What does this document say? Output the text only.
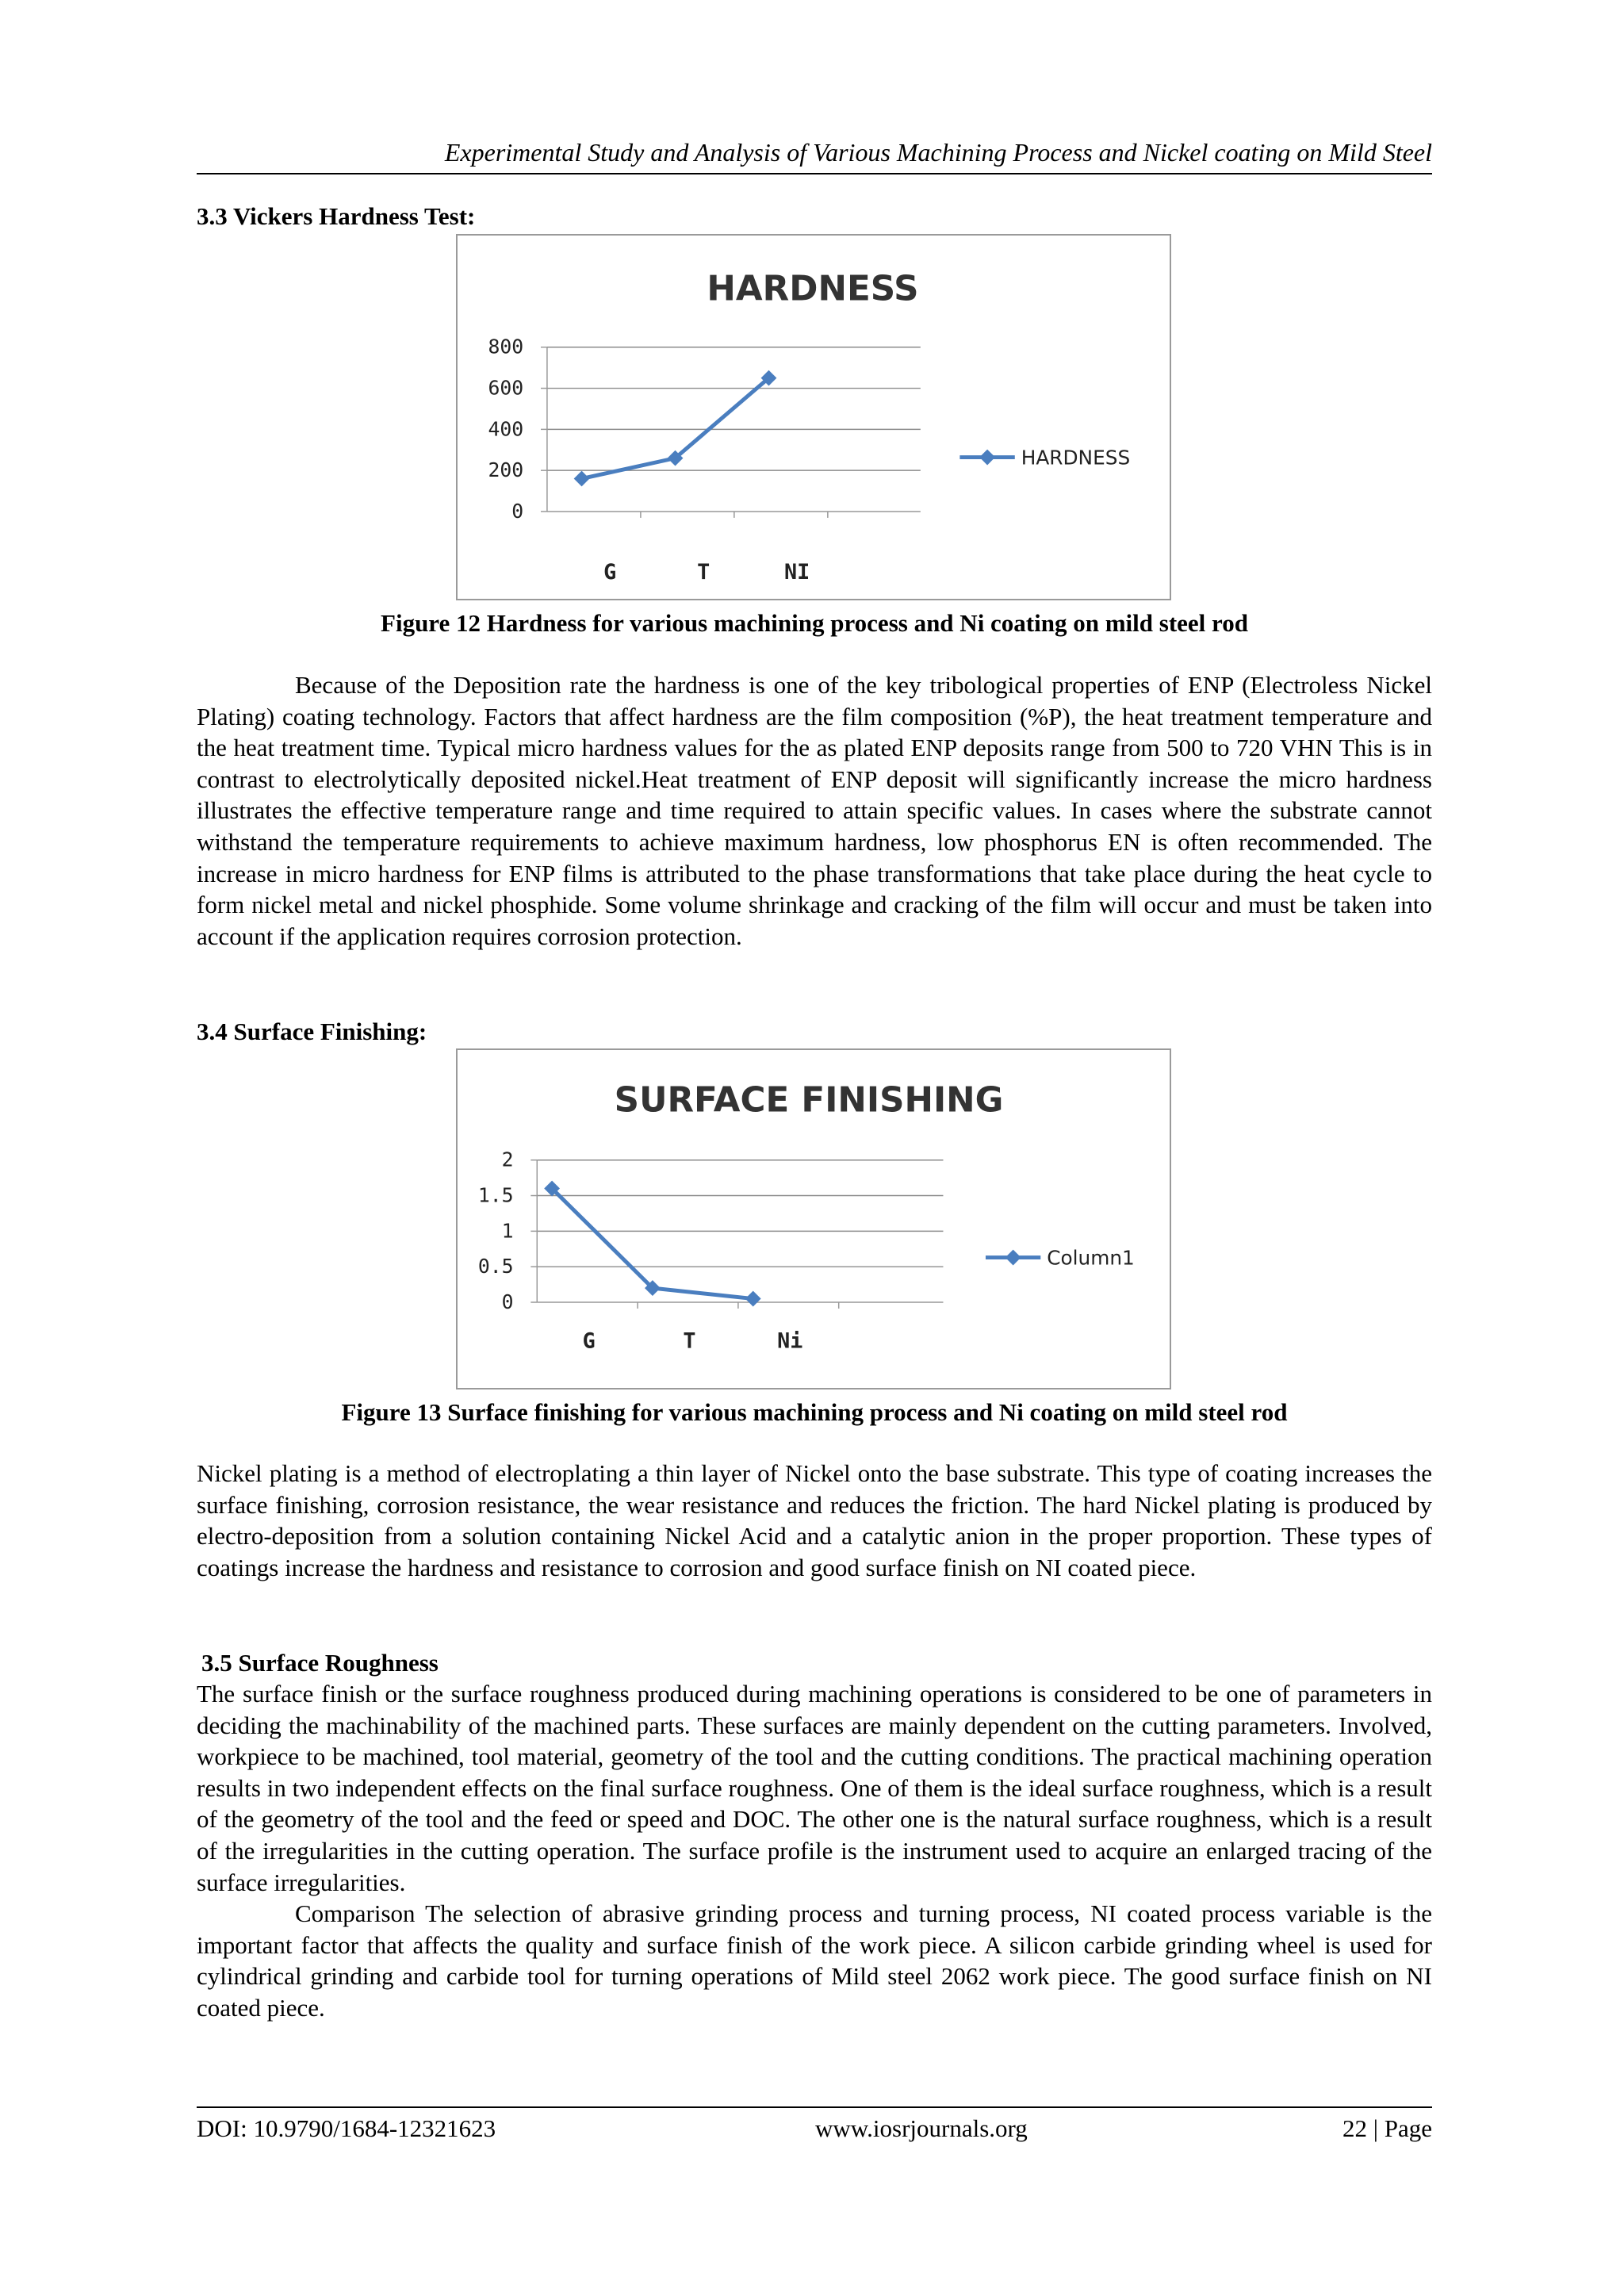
Experimental Study and Analysis of Various Machining Process and Nickel coating on Mild Steel
3.3 Vickers Hardness Test:
HARDNESS
0
200
400
600
800
G	T	NI
HARDNESS
Figure 12 Hardness for various machining process and Ni coating on mild steel rod
Because of the Deposition rate the hardness is one of the key tribological properties of ENP (Electroless Nickel Plating) coating technology. Factors that affect hardness are the film composition (%P), the heat treatment temperature and the heat treatment time. Typical micro hardness values for the as plated ENP deposits range from 500 to 720 VHN This is in contrast to electrolytically deposited nickel.Heat treatment of ENP deposit will significantly increase the micro hardness illustrates the effective temperature range and time required to attain specific values. In cases where the substrate cannot withstand the temperature requirements to achieve maximum hardness, low phosphorus EN is often recommended. The increase in micro hardness for ENP films is attributed to the phase transformations that take place during the heat cycle to form nickel metal and nickel phosphide. Some volume shrinkage and cracking of the film will occur and must be taken into account if the application requires corrosion protection.
3.4 Surface Finishing:
SURFACE FINISHING
0
0.5
1
1.5
2
G	T	Ni
Column1
Figure 13 Surface finishing for various machining process and Ni coating on mild steel rod
Nickel plating is a method of electroplating a thin layer of Nickel onto the base substrate. This type of coating increases the surface finishing, corrosion resistance, the wear resistance and reduces the friction. The hard Nickel plating is produced by electro-deposition from a solution containing Nickel Acid and a catalytic anion in the proper proportion. These types of coatings increase the hardness and resistance to corrosion and good surface finish on NI coated piece.
3.5 Surface Roughness
The surface finish or the surface roughness produced during machining operations is considered to be one of parameters in deciding the machinability of the machined parts. These surfaces are mainly dependent on the cutting parameters. Involved, workpiece to be machined, tool material, geometry of the tool and the cutting conditions. The practical machining operation results in two independent effects on the final surface roughness. One of them is the ideal surface roughness, which is a result of the geometry of the tool and the feed or speed and DOC. The other one is the natural surface roughness, which is a result of the irregularities in the cutting operation. The surface profile is the instrument used to acquire an enlarged tracing of the surface irregularities.
Comparison The selection of abrasive grinding process and turning process, NI coated process variable is the important factor that affects the quality and surface finish of the work piece. A silicon carbide grinding wheel is used for cylindrical grinding and carbide tool for turning operations of Mild steel 2062 work piece. The good surface finish on NI coated piece.
DOI: 10.9790/1684-12321623	www.iosrjournals.org	22 | Page
